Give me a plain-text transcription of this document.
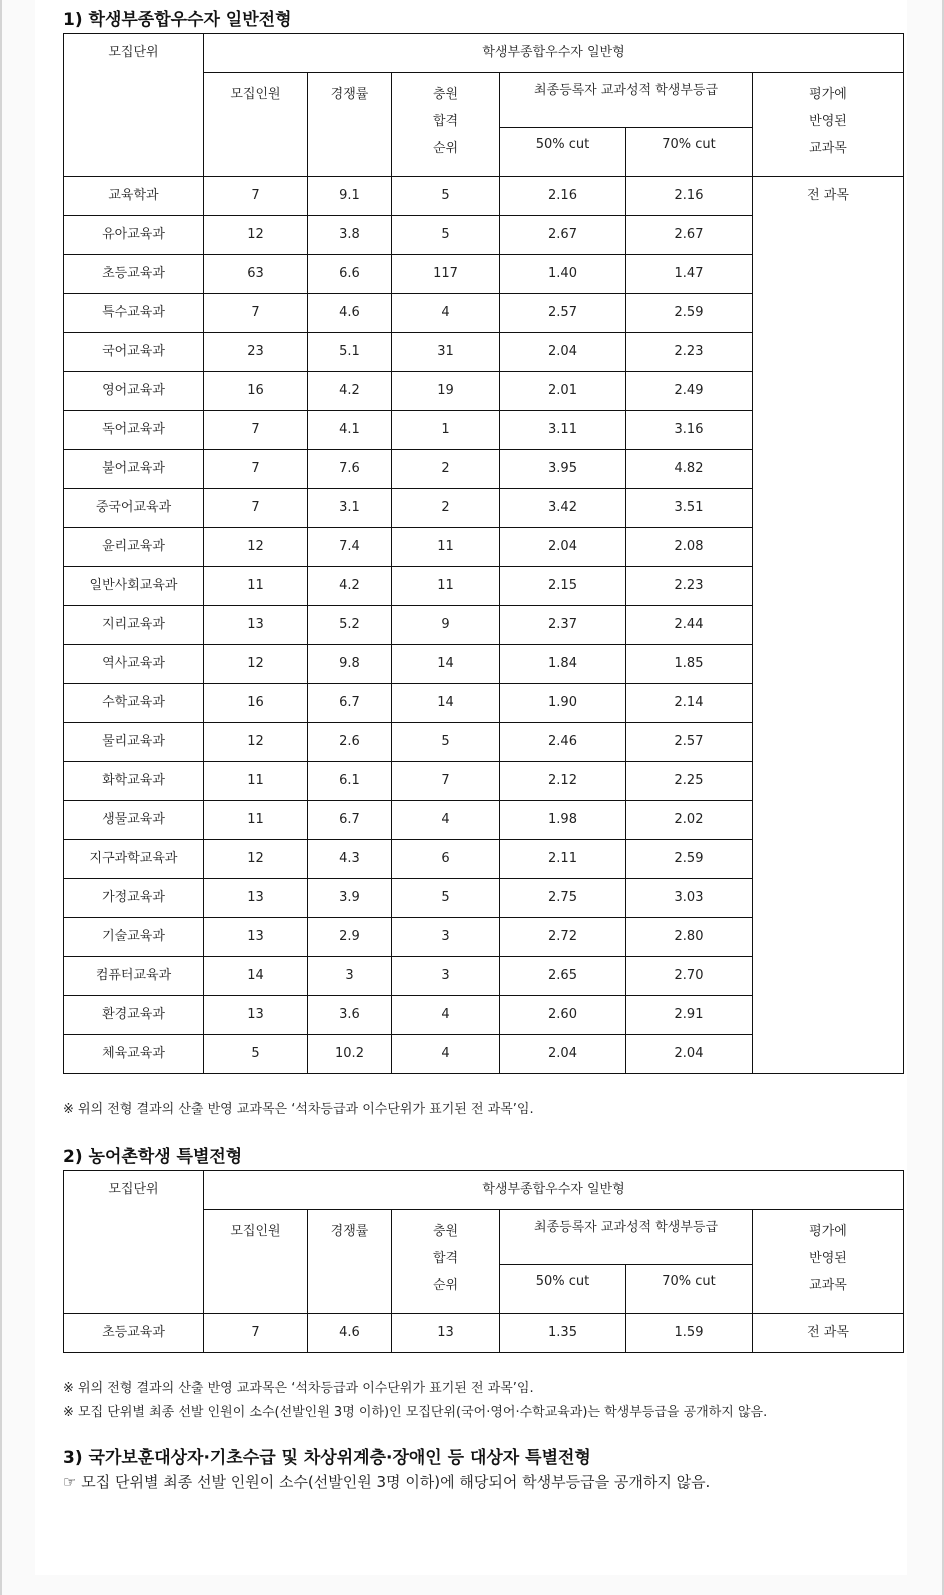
1) 학생부종합우수자 일반전형
모집단위	학생부종합우수자 일반형					

모집인원	경쟁률	충원
합격
순위

최종등록자 교과성적 학생부등급	평가에
반영된
교과목

				50% cut	70% cut	

교육학과	7	9.1	5	2.16	2.16	전 과목
유아교육과	12	3.8	5	2.67	2.67	
초등교육과	63	6.6	117	1.40	1.47	
특수교육과	7	4.6	4	2.57	2.59	
국어교육과	23	5.1	31	2.04	2.23	
영어교육과	16	4.2	19	2.01	2.49	
독어교육과	7	4.1	1	3.11	3.16	
불어교육과	7	7.6	2	3.95	4.82	
중국어교육과	7	3.1	2	3.42	3.51	
윤리교육과	12	7.4	11	2.04	2.08	
일반사회교육과	11	4.2	11	2.15	2.23	
지리교육과	13	5.2	9	2.37	2.44	
역사교육과	12	9.8	14	1.84	1.85	
수학교육과	16	6.7	14	1.90	2.14	
물리교육과	12	2.6	5	2.46	2.57	
화학교육과	11	6.1	7	2.12	2.25	
생물교육과	11	6.7	4	1.98	2.02	
지구과학교육과	12	4.3	6	2.11	2.59	
가정교육과	13	3.9	5	2.75	3.03	
기술교육과	13	2.9	3	2.72	2.80	
컴퓨터교육과	14	3	3	2.65	2.70	
환경교육과	13	3.6	4	2.60	2.91	
체육교육과	5	10.2	4	2.04	2.04	

※ 위의 전형 결과의 산출 반영 교과목은 ‘석차등급과 이수단위가 표기된 전 과목’임.

2) 농어촌학생 특별전형
모집단위	학생부종합우수자 일반형					

모집인원	경쟁률	충원
합격
순위

최종등록자 교과성적 학생부등급	평가에
반영된
교과목

				50% cut	70% cut	

초등교육과	7	4.6	13	1.35	1.59	전 과목

※ 위의 전형 결과의 산출 반영 교과목은 ‘석차등급과 이수단위가 표기된 전 과목’임.

※ 모집 단위별 최종 선발 인원이 소수(선발인원 3명 이하)인 모집단위(국어·영어·수학교육과)는 학생부등급을 공개하지 않음.

3) 국가보훈대상자·기초수급 및 차상위계층·장애인 등 대상자 특별전형

☞ 모집 단위별 최종 선발 인원이 소수(선발인원 3명 이하)에 해당되어 학생부등급을 공개하지 않음.
